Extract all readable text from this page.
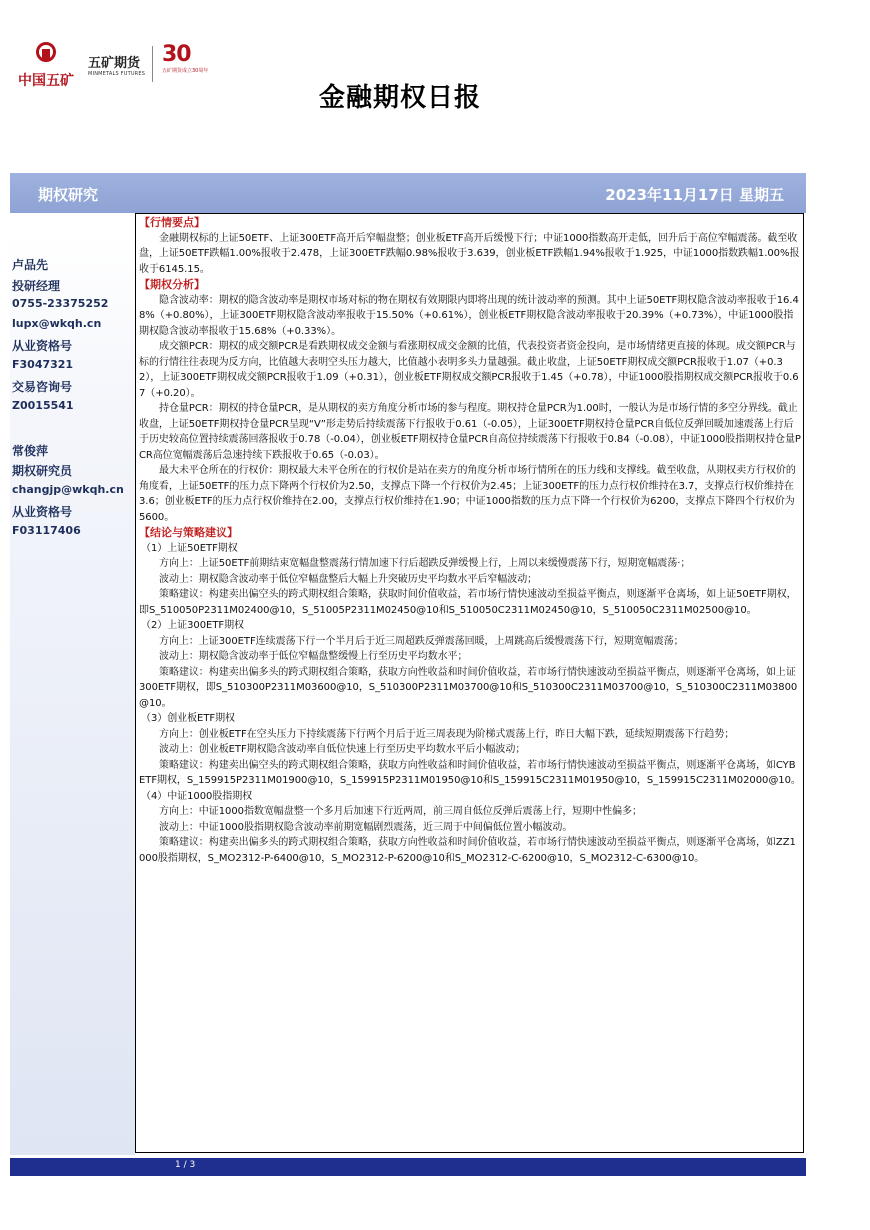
中国五矿
五矿期货
MINMETALS FUTURES
30
五矿期货成立30周年
金融期权日报
期权研究	2023年11月17日 星期五
卢品先
投研经理
0755-23375252
lupx@wkqh.cn
从业资格号
F3047321
交易咨询号
Z0015541
常俊萍
期权研究员
changjp@wkqh.cn
从业资格号
F03117406
【行情要点】

金融期权标的上证50ETF、上证300ETF高开后窄幅盘整；创业板ETF高开后缓慢下行；中证1000指数高开走低，回升后于高位窄幅震荡。截至收盘，上证50ETF跌幅1.00%报收于2.478，上证300ETF跌幅0.98%报收于3.639，创业板ETF跌幅1.94%报收于1.925，中证1000指数跌幅1.00%报收于6145.15。

【期权分析】

隐含波动率：期权的隐含波动率是期权市场对标的物在期权有效期限内即将出现的统计波动率的预测。其中上证50ETF期权隐含波动率报收于16.48%（+0.80%），上证300ETF期权隐含波动率报收于15.50%（+0.61%），创业板ETF期权隐含波动率报收于20.39%（+0.73%），中证1000股指期权隐含波动率报收于15.68%（+0.33%）。

成交额PCR：期权的成交额PCR是看跌期权成交金额与看涨期权成交金额的比值，代表投资者资金投向，是市场情绪更直接的体现。成交额PCR与标的行情往往表现为反方向，比值越大表明空头压力越大，比值越小表明多头力量越强。截止收盘，上证50ETF期权成交额PCR报收于1.07（+0.32），上证300ETF期权成交额PCR报收于1.09（+0.31），创业板ETF期权成交额PCR报收于1.45（+0.78），中证1000股指期权成交额PCR报收于0.67（+0.20）。

持仓量PCR：期权的持仓量PCR，是从期权的卖方角度分析市场的参与程度。期权持仓量PCR为1.00时，一般认为是市场行情的多空分界线。截止收盘，上证50ETF期权持仓量PCR呈现“V”形走势后持续震荡下行报收于0.61（-0.05），上证300ETF期权持仓量PCR自低位反弹回暖加速震荡上行后于历史较高位置持续震荡回落报收于0.78（-0.04），创业板ETF期权持仓量PCR自高位持续震荡下行报收于0.84（-0.08），中证1000股指期权持仓量PCR高位宽幅震荡后急速持续下跌报收于0.65（-0.03）。

最大未平仓所在的行权价：期权最大未平仓所在的行权价是站在卖方的角度分析市场行情所在的压力线和支撑线。截至收盘，从期权卖方行权价的角度看，上证50ETF的压力点下降两个行权价为2.50，支撑点下降一个行权价为2.45；上证300ETF的压力点行权价维持在3.7，支撑点行权价维持在3.6；创业板ETF的压力点行权价维持在2.00，支撑点行权价维持在1.90；中证1000指数的压力点下降一个行权价为6200，支撑点下降四个行权价为5600。

【结论与策略建议】

（1）上证50ETF期权

方向上：上证50ETF前期结束宽幅盘整震荡行情加速下行后超跌反弹缓慢上行，上周以来缓慢震荡下行，短期宽幅震荡·；

波动上：期权隐含波动率于低位窄幅盘整后大幅上升突破历史平均数水平后窄幅波动；

策略建议：构建卖出偏空头的跨式期权组合策略，获取时间价值收益，若市场行情快速波动至损益平衡点，则逐渐平仓离场，如上证50ETF期权，即S_510050P2311M02400@10，S_51005P2311M02450@10和S_510050C2311M02450@10，S_510050C2311M02500@10。

（2）上证300ETF期权

方向上：上证300ETF连续震荡下行一个半月后于近三周超跌反弹震荡回暖，上周跳高后缓慢震荡下行，短期宽幅震荡；

波动上：期权隐含波动率于低位窄幅盘整缓慢上行至历史平均数水平；

策略建议：构建卖出偏多头的跨式期权组合策略，获取方向性收益和时间价值收益，若市场行情快速波动至损益平衡点，则逐渐平仓离场，如上证300ETF期权，即S_510300P2311M03600@10，S_510300P2311M03700@10和S_510300C2311M03700@10，S_510300C2311M03800@10。

（3）创业板ETF期权

方向上：创业板ETF在空头压力下持续震荡下行两个月后于近三周表现为阶梯式震荡上行，昨日大幅下跌，延续短期震荡下行趋势；

波动上：创业板ETF期权隐含波动率自低位快速上行至历史平均数水平后小幅波动；

策略建议：构建卖出偏空头的跨式期权组合策略，获取方向性收益和时间价值收益，若市场行情快速波动至损益平衡点，则逐渐平仓离场，如CYBETF期权，S_159915P2311M01900@10，S_159915P2311M01950@10和S_159915C2311M01950@10，S_159915C2311M02000@10。

（4）中证1000股指期权

方向上：中证1000指数宽幅盘整一个多月后加速下行近两周，前三周自低位反弹后震荡上行，短期中性偏多；

波动上：中证1000股指期权隐含波动率前期宽幅剧烈震荡，近三周于中间偏低位置小幅波动。

策略建议：构建卖出偏多头的跨式期权组合策略，获取方向性收益和时间价值收益，若市场行情快速波动至损益平衡点，则逐渐平仓离场，如ZZ1000股指期权，S_MO2312-P-6400@10，S_MO2312-P-6200@10和S_MO2312-C-6200@10，S_MO2312-C-6300@10。

1 / 3
